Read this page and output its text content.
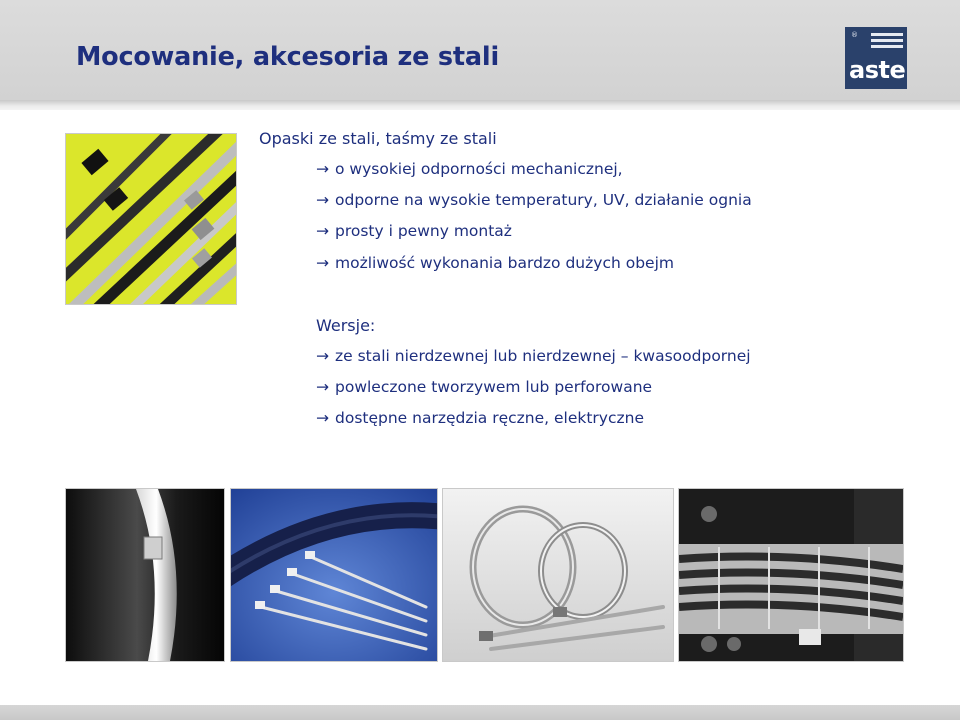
Mocowanie, akcesoria ze stali
®
aste
Opaski ze stali, taśmy ze stali
→ o wysokiej odporności mechanicznej,
→ odporne na wysokie temperatury, UV, działanie ognia
→ prosty i pewny montaż
→ możliwość wykonania bardzo dużych obejm
Wersje:
→ ze stali nierdzewnej lub nierdzewnej – kwasoodpornej
→ powleczone tworzywem lub perforowane
→ dostępne narzędzia ręczne, elektryczne
